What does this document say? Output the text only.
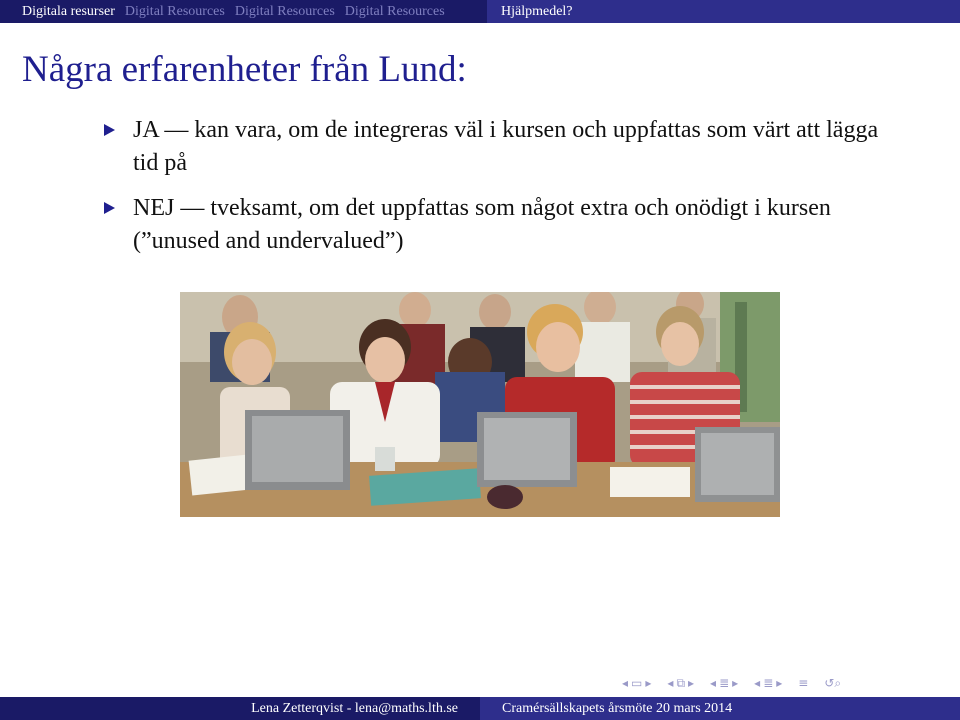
Digitala resurser Digital Resources Digital Resources Digital Resources	Hjälpmedel?
Några erfarenheter från Lund:
JA — kan vara, om de integreras väl i kursen och uppfattas som värt att lägga tid på
NEJ — tveksamt, om det uppfattas som något extra och onödigt i kursen (”unused and undervalued”)
◂ ▭ ▸ ◂ ⧉ ▸ ◂ ≣ ▸ ◂ ≣ ▸ ≡ ↺⌕
Lena Zetterqvist - lena@maths.lth.se	Cramérsällskapets årsmöte 20 mars 2014
